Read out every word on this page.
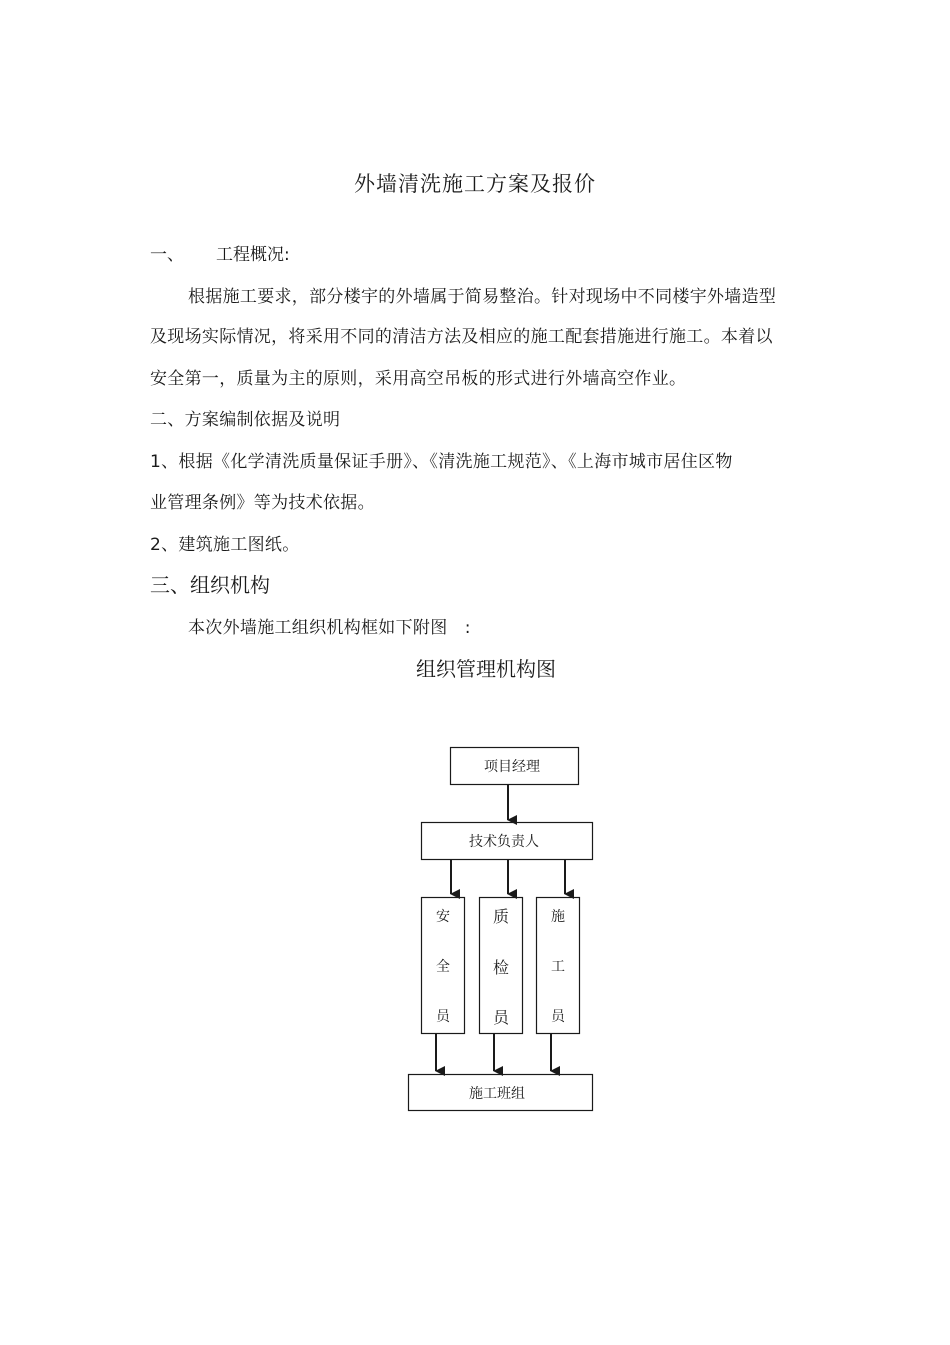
外墙清洗施工方案及报价
一、 工程概况:
根据施工要求，部分楼宇的外墙属于简易整治。针对现场中不同楼宇外墙造型
及现场实际情况，将采用不同的清洁方法及相应的施工配套措施进行施工。本着以
安全第一，质量为主的原则，采用高空吊板的形式进行外墙高空作业。
二、方案编制依据及说明
1、根据《化学清洗质量保证手册》、《清洗施工规范》、《上海市城市居住区物
业管理条例》等为技术依据。
2、建筑施工图纸。
三、组织机构
本次外墙施工组织机构框如下附图　:
组织管理机构图
项目经理
技术负责人
安
全
员
质
检
员
施
工
员
施工班组
